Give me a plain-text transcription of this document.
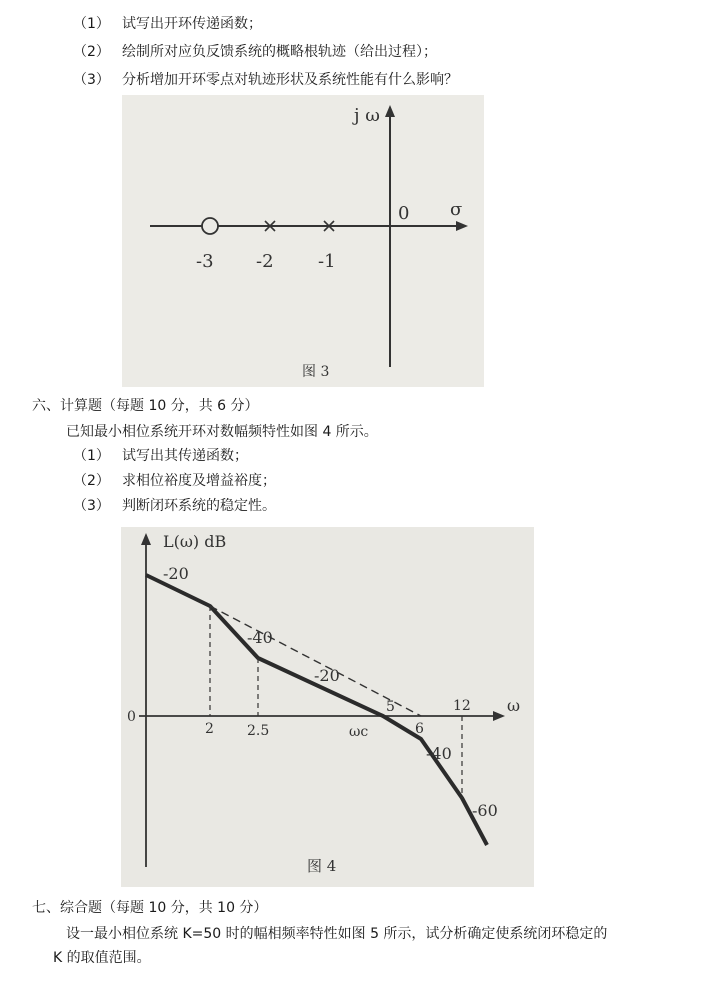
（1） 试写出开环传递函数；
（2） 绘制所对应负反馈系统的概略根轨迹（给出过程）；
（3） 分析增加开环零点对轨迹形状及系统性能有什么影响？
j ω
σ
0
-3 -2 -1
图 3
六、计算题（每题 10 分，共 6 分）
已知最小相位系统开环对数幅频特性如图 4 所示。
（1） 试写出其传递函数；
（2） 求相位裕度及增益裕度；
（3） 判断闭环系统的稳定性。
L(ω) dB
ω
0
2 2.5	ωc
5
6
12
-20
-40
-20
-40
-60
图 4
七、综合题（每题 10 分，共 10 分）
设一最小相位系统 K=50 时的幅相频率特性如图 5 所示，试分析确定使系统闭环稳定的
K 的取值范围。
